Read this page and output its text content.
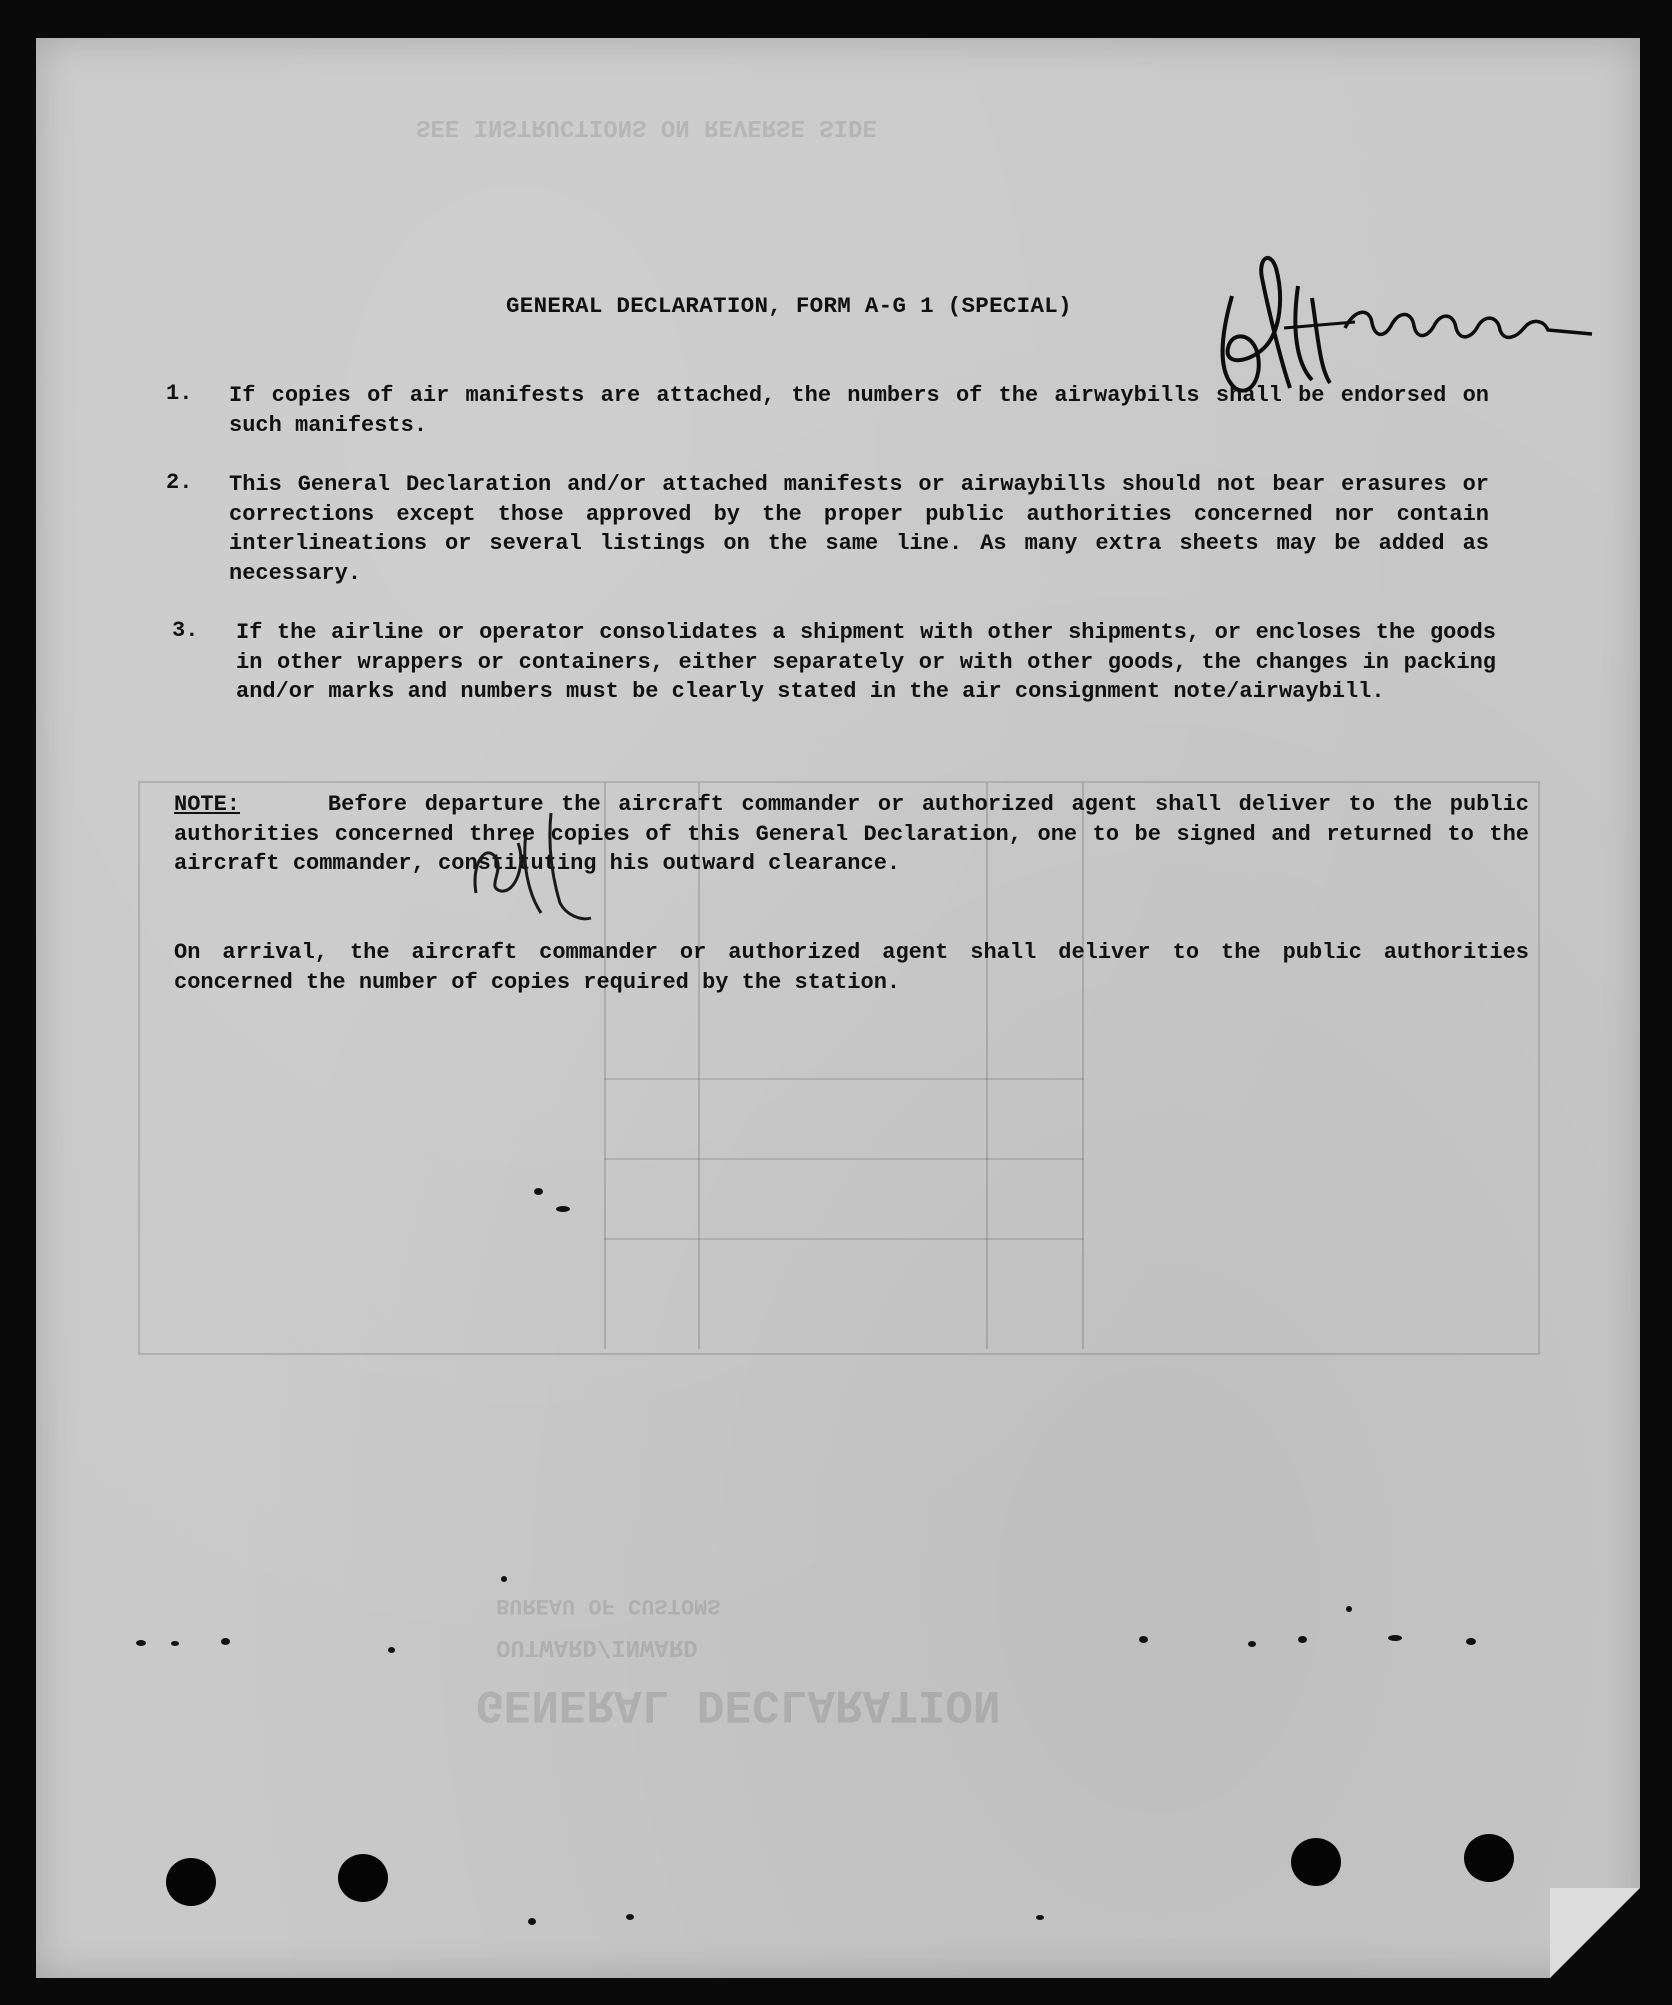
SEE INSTRUCTIONS ON REVERSE SIDE
GENERAL DECLARATION
OUTWARD/INWARD
BUREAU OF CUSTOMS
GENERAL DECLARATION, FORM A-G 1 (SPECIAL)
1. If copies of air manifests are attached, the numbers of the airwaybills shall be endorsed on such manifests.
2. This General Declaration and/or attached manifests or airwaybills should not bear erasures or corrections except those approved by the proper public authorities concerned nor contain interlineations or several listings on the same line. As many extra sheets may be added as necessary.
3. If the airline or operator consolidates a shipment with other shipments, or encloses the goods in other wrappers or containers, either separately or with other goods, the changes in packing and/or marks and numbers must be clearly stated in the air consignment note/airwaybill.
NOTE:	Before departure the aircraft commander or authorized agent shall deliver to the public authorities concerned three copies of this General Declaration, one to be signed and returned to the aircraft commander, constituting his outward clearance.
On arrival, the aircraft commander or authorized agent shall deliver to the public authorities concerned the number of copies required by the station.
